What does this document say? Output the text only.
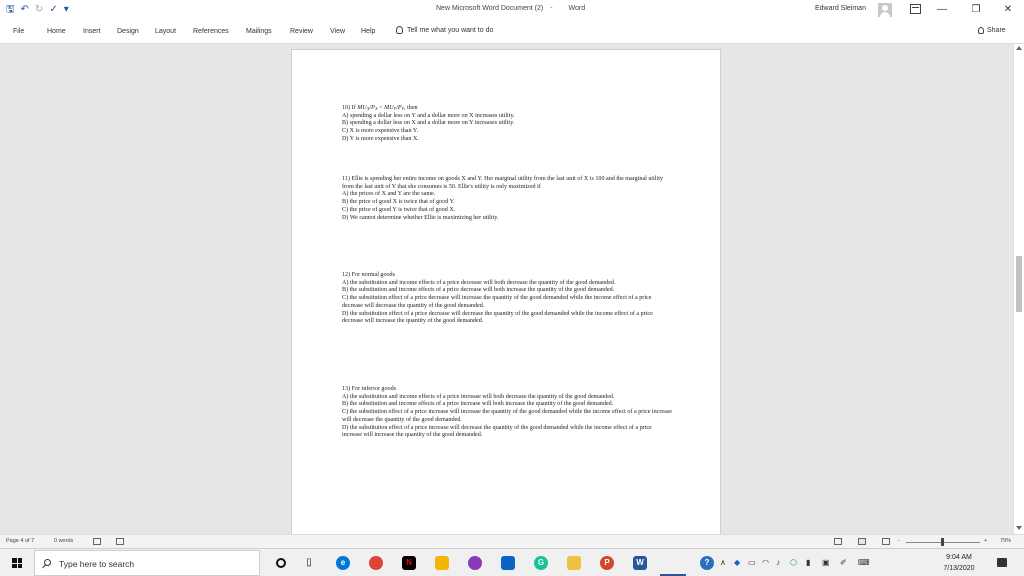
🖫 ↶ ↻ ✓ ▾	New Microsoft Word Document (2) - Word	Edward Sleiman	—	❐	✕
File	Home Insert Design Layout References Mailings	Review View Help	Tell me what you want to do	Share

10) If $MU_X/P_X < MU_Y/P_Y$, then

A) spending a dollar less on Y and a dollar more on X increases utility.

B) spending a dollar less on X and a dollar more on Y increases utility.

C) X is more expensive than Y.

D) Y is more expensive than X.

11) Ellie is spending her entire income on goods X and Y. Her marginal utility from the last unit of X is 100 and the marginal utility from the last unit of Y that she consumes is 50. Ellie's utility is only maximized if

A) the prices of X and Y are the same.

B) the price of good X is twice that of good Y.

C) the price of good Y is twice that of good X.

D) We cannot determine whether Ellie is maximizing her utility.

12) For normal goods

A) the substitution and income effects of a price decrease will both decrease the quantity of the good demanded.

B) the substitution and income effects of a price decrease will both increase the quantity of the good demanded.

C) the substitution effect of a price decrease will increase the quantity of the good demanded while the income effect of a price decrease will decrease the quantity of the good demanded.

D) the substitution effect of a price decrease will decrease the quantity of the good demanded while the income effect of a price decrease will increase the quantity of the good demanded.

13) For inferior goods

A) the substitution and income effects of a price increase will both decrease the quantity of the good demanded.

B) the substitution and income effects of a price increase will both increase the quantity of the good demanded.

C) the substitution effect of a price increase will increase the quantity of the good demanded while the income effect of a price increase will decrease the quantity of the good demanded.

D) the substitution effect of a price increase will decrease the quantity of the good demanded while the income effect of a price increase will increase the quantity of the good demanded.

Page 4 of 7	0 words	-	+ 79%
Type here to search	▯	e	N	G	P	W	?	∧ ◆ ▭ ◠ ♪ ⬡ ▮ ▣ ✐ ⌨
9:04 AM
7/13/2020
